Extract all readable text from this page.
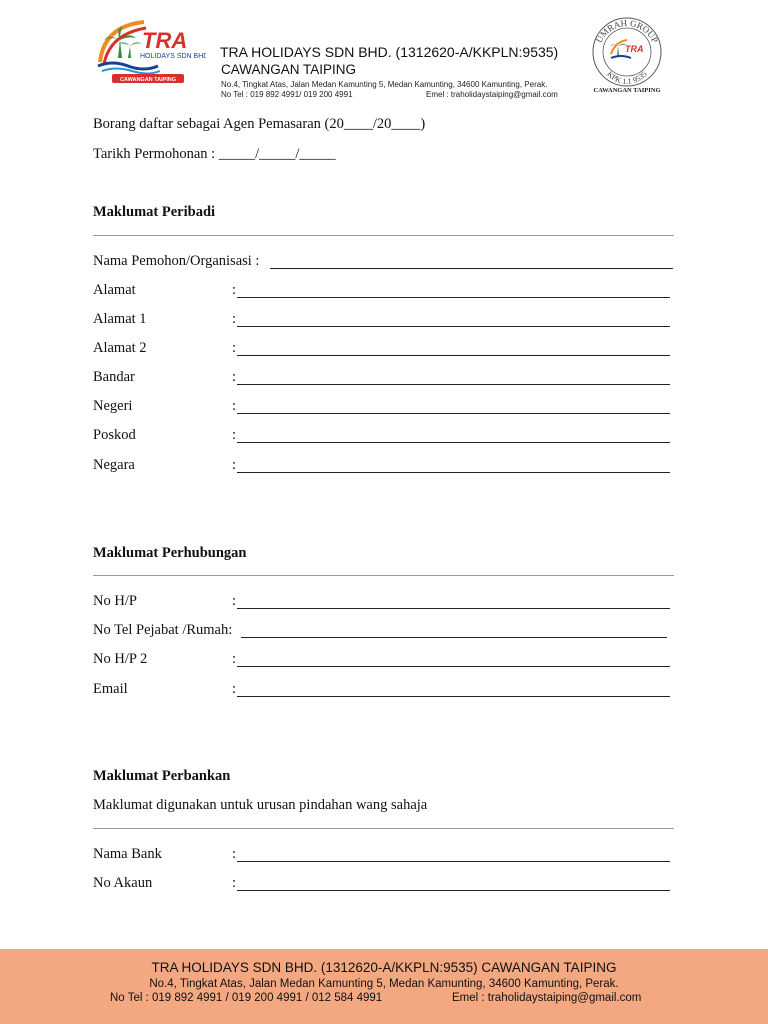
TRA
HOLIDAYS SDN BHD
CAWANGAN TAIPING
TRA HOLIDAYS SDN BHD. (1312620-A/KKPLN:9535)
CAWANGAN TAIPING
No.4, Tingkat Atas, Jalan Medan Kamunting 5, Medan Kamunting, 34600 Kamunting, Perak.
No Tel : 019 892 4991/ 019 200 4991	Emel : traholidaystaiping@gmail.com
UMRAH GROUP
KPK 1.1 9535
TRA
CAWANGAN TAIPING
Borang daftar sebagai Agen Pemasaran (20____/20____)
Tarikh Permohonan : _____/_____/_____
Maklumat Peribadi
Nama Pemohon/Organisasi :
Alamat	:
Alamat 1	:
Alamat 2	:
Bandar	:
Negeri	:
Poskod	:
Negara	:
Maklumat Perhubungan
No H/P	:
No Tel Pejabat /Rumah:
No H/P 2	:
Email	:
Maklumat Perbankan
Maklumat digunakan untuk urusan pindahan wang sahaja
Nama Bank	:
No Akaun	:
TRA HOLIDAYS SDN BHD. (1312620-A/KKPLN:9535) CAWANGAN TAIPING
No.4, Tingkat Atas, Jalan Medan Kamunting 5, Medan Kamunting, 34600 Kamunting, Perak.
No Tel : 019 892 4991 / 019 200 4991 / 012 584 4991	Emel : traholidaystaiping@gmail.com
